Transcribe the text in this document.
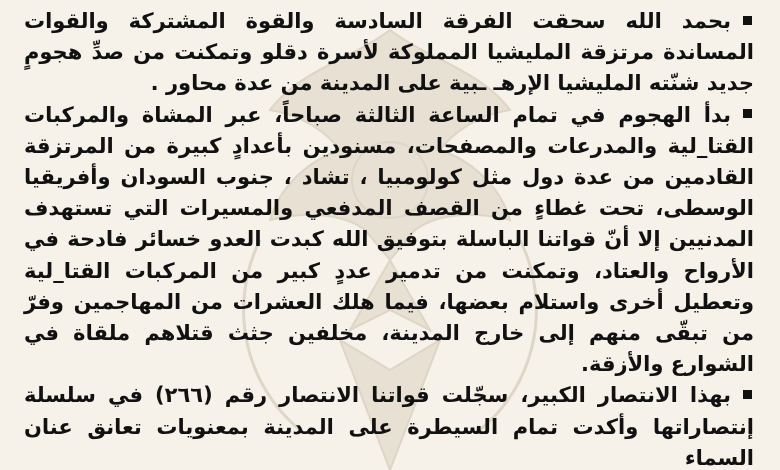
بحمد الله سحقت الفرقة السادسة والقوة المشتركة والقوات المساندة مرتزقة المليشيا المملوكة لأسرة دقلو وتمكنت من صدِّ هجومٍ جديد شنّته المليشيا الإرهـ ـبية على المدينة من عدة محاور .

بدأ الهجوم في تمام الساعة الثالثة صباحاً، عبر المشاة والمركبات القتا_لية والمدرعات والمصفحات، مسنودين بأعدادٍ كبيرة من المرتزقة القادمين من عدة دول مثل كولومبيا ، تشاد ، جنوب السودان وأفريقيا الوسطى، تحت غطاءٍ من القصف المدفعي والمسيرات التي تستهدف المدنيين إلا أنّ قواتنا الباسلة بتوفيق الله كبدت العدو خسائر فادحة في الأرواح والعتاد، وتمكنت من تدمير عددٍ كبير من المركبات القتا_لية وتعطيل أخرى واستلام بعضها، فيما هلك العشرات من المهاجمين وفرّ من تبقّى منهم إلى خارج المدينة، مخلفين جثث قتلاهم ملقاة في الشوارع والأزقة.

بهذا الانتصار الكبير، سجّلت قواتنا الانتصار رقم (٢٦٦) في سلسلة إنتصاراتها وأكدت تمام السيطرة على المدينة بمعنويات تعانق عنان السماء
